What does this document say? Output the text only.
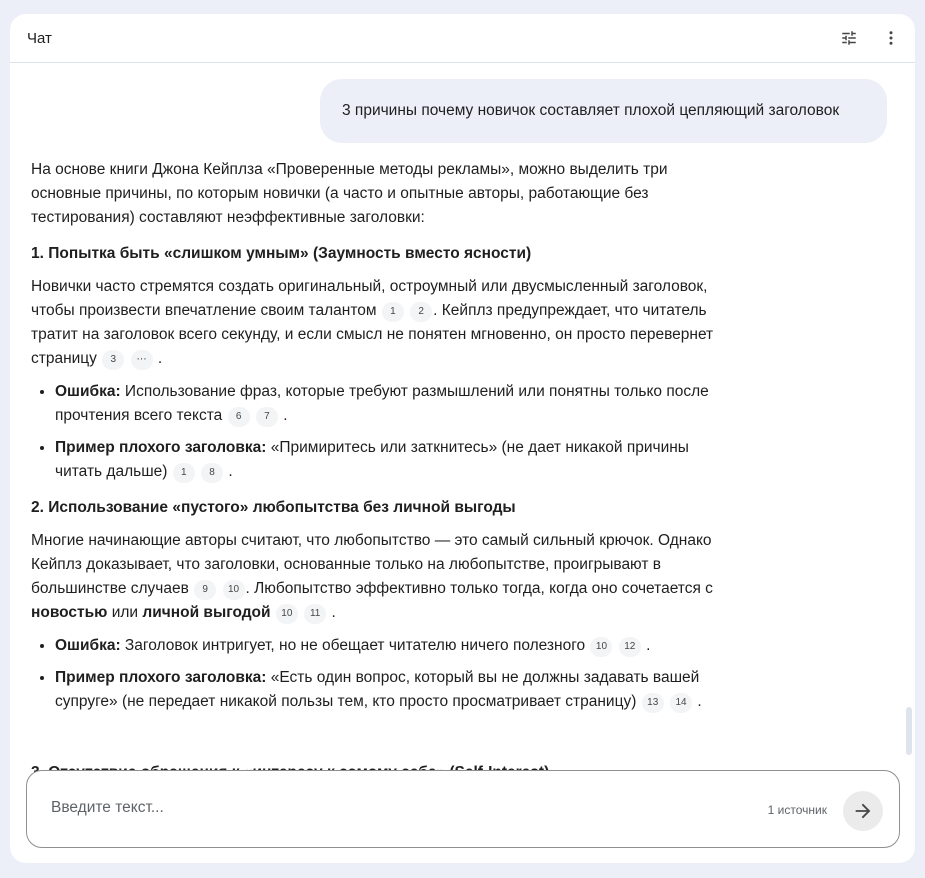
Чат
3 причины почему новичок составляет плохой цепляющий заголовок

На основе книги Джона Кейплза «Проверенные методы рекламы», можно выделить три основные причины, по которым новички (а часто и опытные авторы, работающие без тестирования) составляют неэффективные заголовки:

1. Попытка быть «слишком умным» (Заумность вместо ясности)

Новички часто стремятся создать оригинальный, остроумный или двусмысленный заголовок, чтобы произвести впечатление своим талантом 1 2 . Кейплз предупреждает, что читатель тратит на заголовок всего секунду, и если смысл не понятен мгновенно, он просто перевернет страницу 3 ⋯ .

• Ошибка: Использование фраз, которые требуют размышлений или понятны только после прочтения всего текста 6 7 .
• Пример плохого заголовка: «Примиритесь или заткнитесь» (не дает никакой причины читать дальше) 1 8 .
2. Использование «пустого» любопытства без личной выгоды

Многие начинающие авторы считают, что любопытство — это самый сильный крючок. Однако Кейплз доказывает, что заголовки, основанные только на любопытстве, проигрывают в большинстве случаев 9 10 . Любопытство эффективно только тогда, когда оно сочетается с новостью или личной выгодой 10 11 .

• Ошибка: Заголовок интригует, но не обещает читателю ничего полезного 10 12 .
• Пример плохого заголовка: «Есть один вопрос, который вы не должны задавать вашей супруге» (не передает никакой пользы тем, кто просто просматривает страницу) 13 14 .
Введите текст...	1 источник
